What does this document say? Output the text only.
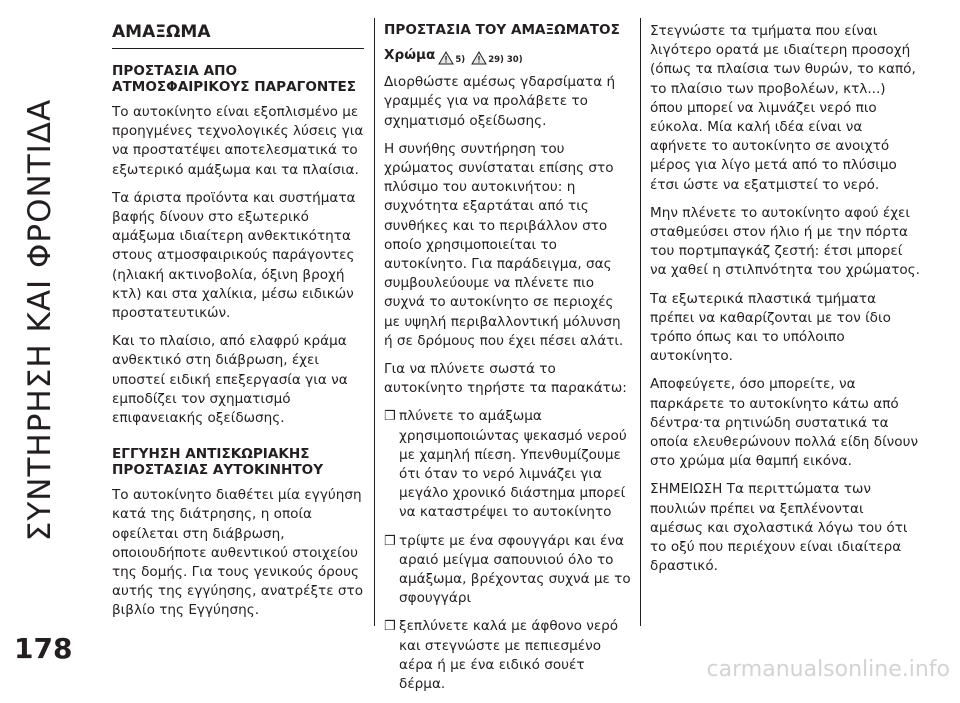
ΣΥΝΤΗΡΗΣΗ ΚΑΙ ΦΡΟΝΤΙΔΑ
ΑΜΑΞΩΜΑ
ΠΡΟΣΤΑΣΙΑ ΑΠΟ
ΑΤΜΟΣΦΑΙΡΙΚΟΥΣ ΠΑΡΑΓΟΝΤΕΣ

Το αυτοκίνητο είναι εξοπλισμένο με προηγμένες τεχνολογικές λύσεις για να προστατέψει αποτελεσματικά το εξωτερικό αμάξωμα και τα πλαίσια.

Τα άριστα προϊόντα και συστήματα βαφής δίνουν στο εξωτερικό αμάξωμα ιδιαίτερη ανθεκτικότητα στους ατμοσφαιρικούς παράγοντες (ηλιακή ακτινοβολία, όξινη βροχή κτλ) και στα χαλίκια, μέσω ειδικών προστατευτικών.

Και το πλαίσιο, από ελαφρύ κράμα ανθεκτικό στη διάβρωση, έχει υποστεί ειδική επεξεργασία για να εμποδίζει τον σχηματισμό επιφανειακής οξείδωσης.

ΕΓΓΥΗΣΗ ΑΝΤΙΣΚΩΡΙΑΚΗΣ
ΠΡΟΣΤΑΣΙΑΣ ΑΥΤΟΚΙΝΗΤΟΥ

Το αυτοκίνητο διαθέτει μία εγγύηση κατά της διάτρησης, η οποία οφείλεται στη διάβρωση, οποιουδήποτε αυθεντικού στοιχείου της δομής. Για τους γενικούς όρους αυτής της εγγύησης, ανατρέξτε στο βιβλίο της Εγγύησης.

ΠΡΟΣΤΑΣΙΑ ΤΟΥ ΑΜΑΞΩΜΑΤΟΣ
Χρώμα 5)	29) 30)

Διορθώστε αμέσως γδαρσίματα ή γραμμές για να προλάβετε το σχηματισμό οξείδωσης.

Η συνήθης συντήρηση του χρώματος συνίσταται επίσης στο πλύσιμο του αυτοκινήτου: η συχνότητα εξαρτάται από τις συνθήκες και το περιβάλλον στο οποίο χρησιμοποιείται το αυτοκίνητο. Για παράδειγμα, σας συμβουλεύουμε να πλένετε πιο συχνά το αυτοκίνητο σε περιοχές με υψηλή περιβαλλοντική μόλυνση ή σε δρόμους που έχει πέσει αλάτι.

Για να πλύνετε σωστά το αυτοκίνητο τηρήστε τα παρακάτω:

❒ πλύνετε το αμάξωμα χρησιμοποιώντας ψεκασμό νερού με χαμηλή πίεση. Υπενθυμίζουμε ότι όταν το νερό λιμνάζει για μεγάλο χρονικό διάστημα μπορεί να καταστρέψει το αυτοκίνητο
❒ τρίψτε με ένα σφουγγάρι και ένα αραιό μείγμα σαπουνιού όλο το αμάξωμα, βρέχοντας συχνά με το σφουγγάρι
❒ ξεπλύνετε καλά με άφθονο νερό και στεγνώστε με πεπιεσμένο αέρα ή με ένα ειδικό σουέτ δέρμα.

Στεγνώστε τα τμήματα που είναι λιγότερο ορατά με ιδιαίτερη προσοχή (όπως τα πλαίσια των θυρών, το καπό, το πλαίσιο των προβολέων, κτλ...) όπου μπορεί να λιμνάζει νερό πιο εύκολα. Μία καλή ιδέα είναι να αφήνετε το αυτοκίνητο σε ανοιχτό μέρος για λίγο μετά από το πλύσιμο έτσι ώστε να εξατμιστεί το νερό.

Μην πλένετε το αυτοκίνητο αφού έχει σταθμεύσει στον ήλιο ή με την πόρτα του πορτμπαγκάζ ζεστή: έτσι μπορεί να χαθεί η στιλπνότητα του χρώματος.

Τα εξωτερικά πλαστικά τμήματα πρέπει να καθαρίζονται με τον ίδιο τρόπο όπως και το υπόλοιπο αυτοκίνητο.

Αποφεύγετε, όσο μπορείτε, να παρκάρετε το αυτοκίνητο κάτω από δέντρα·τα ρητινώδη συστατικά τα οποία ελευθερώνουν πολλά είδη δίνουν στο χρώμα μία θαμπή εικόνα.

ΣΗΜΕΙΩΣΗ Τα περιττώματα των πουλιών πρέπει να ξεπλένονται αμέσως και σχολαστικά λόγω του ότι το οξύ που περιέχουν είναι ιδιαίτερα δραστικό.

178
carmanualsonline.info
